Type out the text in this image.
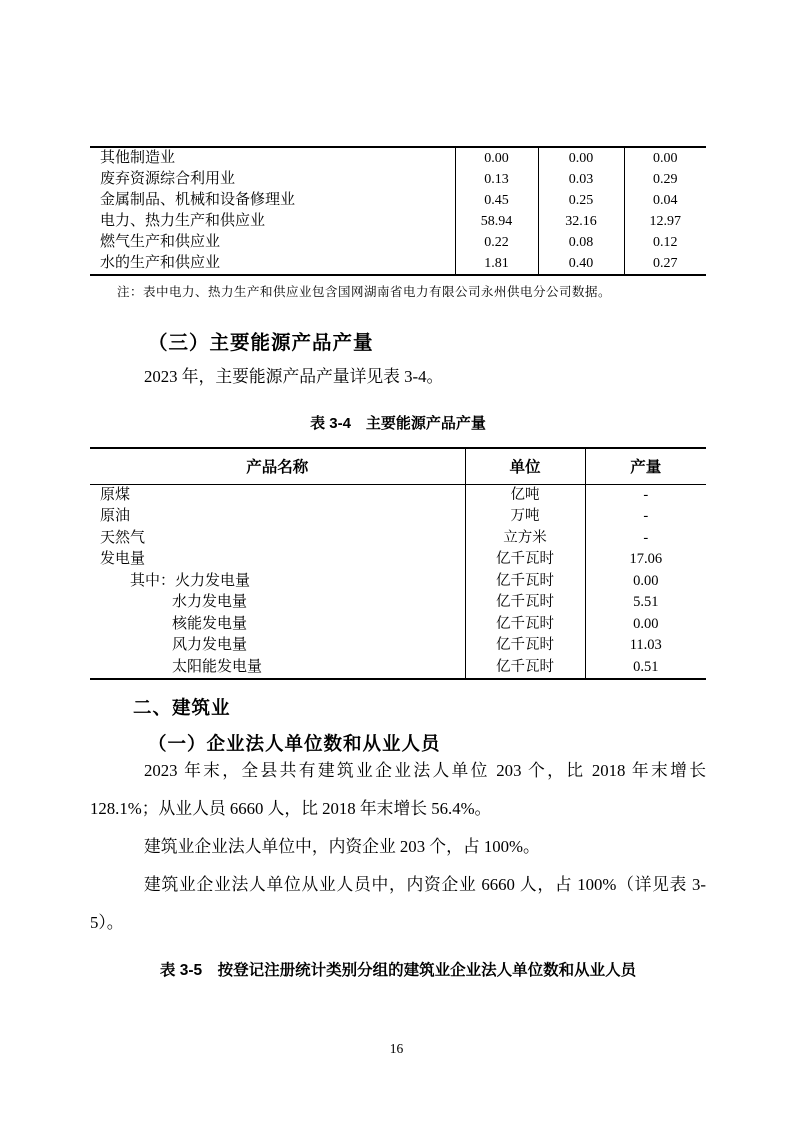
其他制造业	0.00	0.00	0.00
废弃资源综合利用业	0.13	0.03	0.29
金属制品、机械和设备修理业	0.45	0.25	0.04
电力、热力生产和供应业	58.94	32.16	12.97
燃气生产和供应业	0.22	0.08	0.12
水的生产和供应业	1.81	0.40	0.27
注：表中电力、热力生产和供应业包含国网湖南省电力有限公司永州供电分公司数据。
（三）主要能源产品产量
2023 年，主要能源产品产量详见表 3-4。
表 3-4　主要能源产品产量
产品名称	单位	产量
原煤	亿吨	-
原油	万吨	-
天然气	立方米	-
发电量	亿千瓦时	17.06
其中：火力发电量	亿千瓦时	0.00
水力发电量	亿千瓦时	5.51
核能发电量	亿千瓦时	0.00
风力发电量	亿千瓦时	11.03
太阳能发电量	亿千瓦时	0.51
二、建筑业
（一）企业法人单位数和从业人员

2023 年末，全县共有建筑业企业法人单位 203 个，比 2018 年末增长 128.1%；从业人员 6660 人，比 2018 年末增长 56.4%。

建筑业企业法人单位中，内资企业 203 个，占 100%。

建筑业企业法人单位从业人员中，内资企业 6660 人，占 100%（详见表 3-5）。

表 3-5　按登记注册统计类别分组的建筑业企业法人单位数和从业人员
16
